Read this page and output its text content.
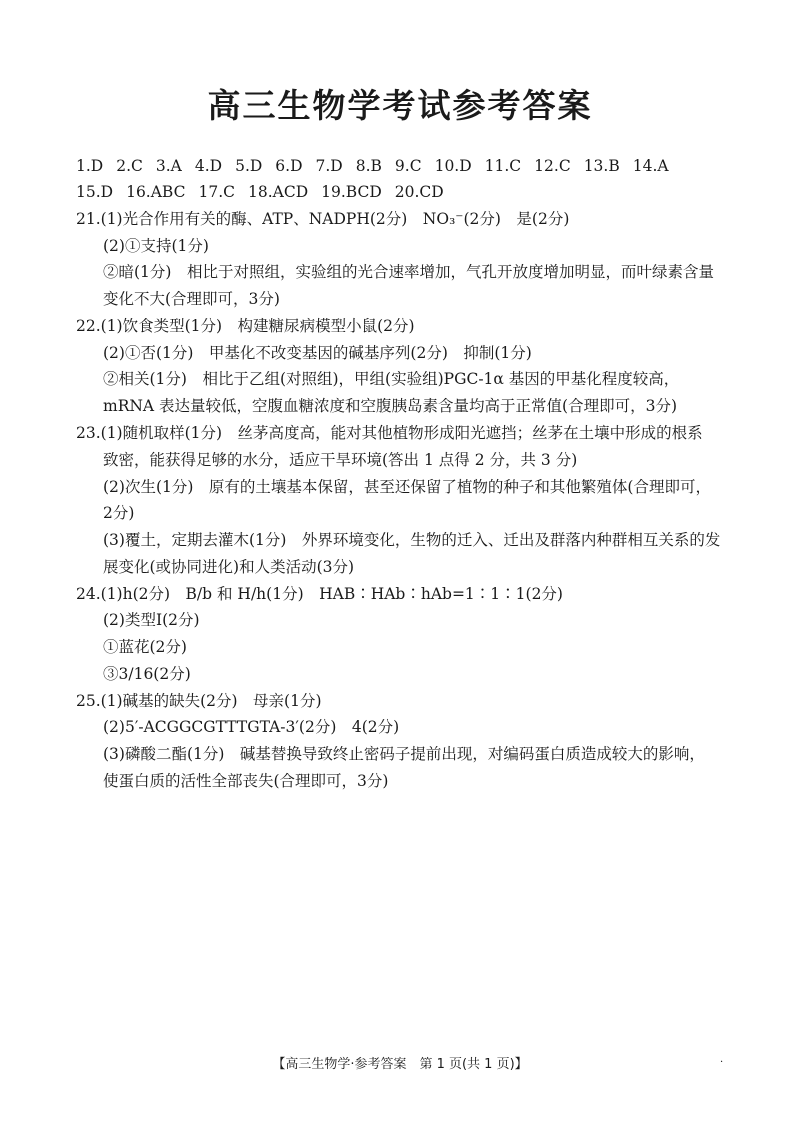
高三生物学考试参考答案
1.D 2.C 3.A 4.D 5.D 6.D 7.D 8.B 9.C 10.D 11.C 12.C 13.B 14.A
15.D 16.ABC 17.C 18.ACD 19.BCD 20.CD
21.(1)光合作用有关的酶、ATP、NADPH(2分)　NO₃⁻(2分)　是(2分)
(2)①支持(1分)
②暗(1分)　相比于对照组，实验组的光合速率增加，气孔开放度增加明显，而叶绿素含量
变化不大(合理即可，3分)
22.(1)饮食类型(1分)　构建糖尿病模型小鼠(2分)
(2)①否(1分)　甲基化不改变基因的碱基序列(2分)　抑制(1分)
②相关(1分)　相比于乙组(对照组)，甲组(实验组)PGC-1α 基因的甲基化程度较高，
mRNA 表达量较低，空腹血糖浓度和空腹胰岛素含量均高于正常值(合理即可，3分)
23.(1)随机取样(1分)　丝茅高度高，能对其他植物形成阳光遮挡；丝茅在土壤中形成的根系
致密，能获得足够的水分，适应干旱环境(答出 1 点得 2 分，共 3 分)
(2)次生(1分)　原有的土壤基本保留，甚至还保留了植物的种子和其他繁殖体(合理即可，
2分)
(3)覆土，定期去灌木(1分)　外界环境变化，生物的迁入、迁出及群落内种群相互关系的发
展变化(或协同进化)和人类活动(3分)
24.(1)h(2分)　B/b 和 H/h(1分)　HAB∶HAb∶hAb=1∶1∶1(2分)
(2)类型Ⅰ(2分)
①蓝花(2分)
③3/16(2分)
25.(1)碱基的缺失(2分)　母亲(1分)
(2)5′-ACGGCGTTTGTA-3′(2分)　4(2分)
(3)磷酸二酯(1分)　碱基替换导致终止密码子提前出现，对编码蛋白质造成较大的影响，
使蛋白质的活性全部丧失(合理即可，3分)
【高三生物学·参考答案　第 1 页(共 1 页)】	·
